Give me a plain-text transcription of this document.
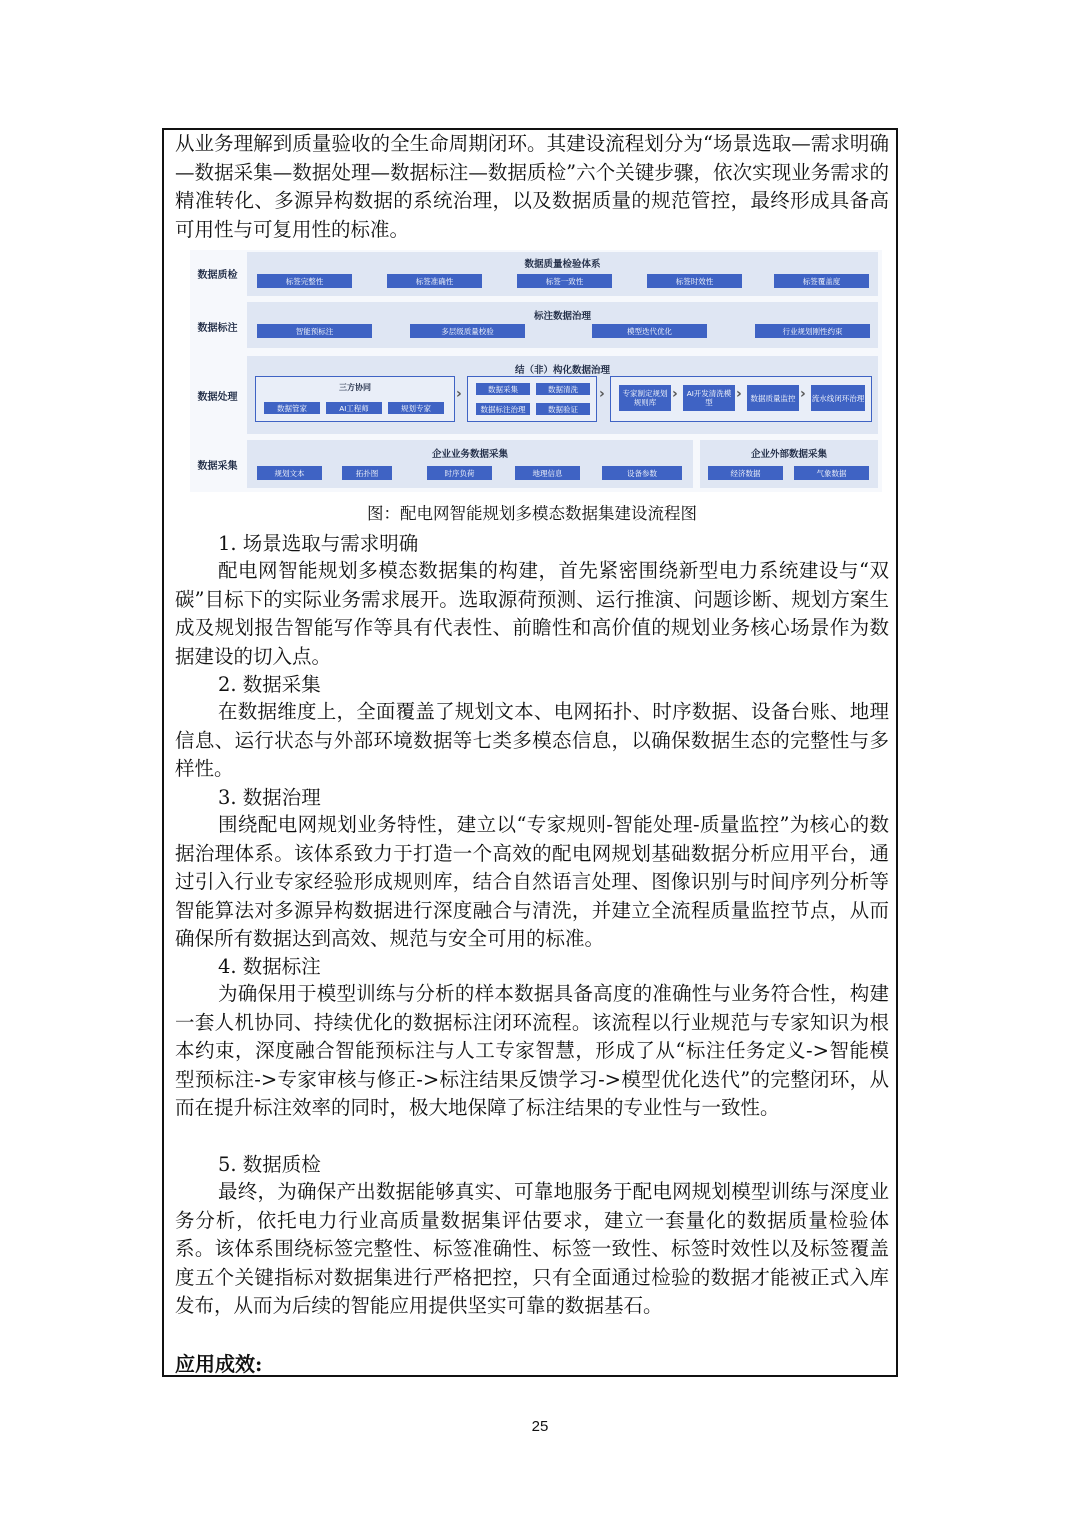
从业务理解到质量验收的全生命周期闭环。其建设流程划分为“场景选取—需求明确—数据采集—数据处理—数据标注—数据质检”六个关键步骤，依次实现业务需求的精准转化、多源异构数据的系统治理，以及数据质量的规范管控，最终形成具备高可用性与可复用性的标准。

数据质检
数据质量检验体系
标签完整性	标签准确性	标签一致性	标签时效性	标签覆盖度
数据标注
标注数据治理
智能预标注	多层级质量校验	模型迭代优化	行业规划刚性约束
数据处理
结（非）构化数据治理
三方协同
数据管家	AI工程师	规划专家
›	数据采集	数据清洗
数据标注治理	数据验证
›	专家制定规划规则库
›	AI开发清洗模型
›	数据质量监控 › 流水线闭环治理
数据采集
企业业务数据采集
规划文本	拓扑图	时序负荷	地理信息	设备参数
企业外部数据采集
经济数据	气象数据
图：配电网智能规划多模态数据集建设流程图
1. 场景选取与需求明确

配电网智能规划多模态数据集的构建，首先紧密围绕新型电力系统建设与“双碳”目标下的实际业务需求展开。选取源荷预测、运行推演、问题诊断、规划方案生成及规划报告智能写作等具有代表性、前瞻性和高价值的规划业务核心场景作为数据建设的切入点。

2. 数据采集

在数据维度上，全面覆盖了规划文本、电网拓扑、时序数据、设备台账、地理信息、运行状态与外部环境数据等七类多模态信息，以确保数据生态的完整性与多样性。

3. 数据治理

围绕配电网规划业务特性，建立以“专家规则-智能处理-质量监控”为核心的数据治理体系。该体系致力于打造一个高效的配电网规划基础数据分析应用平台，通过引入行业专家经验形成规则库，结合自然语言处理、图像识别与时间序列分析等智能算法对多源异构数据进行深度融合与清洗，并建立全流程质量监控节点，从而确保所有数据达到高效、规范与安全可用的标准。

4. 数据标注

为确保用于模型训练与分析的样本数据具备高度的准确性与业务符合性，构建一套人机协同、持续优化的数据标注闭环流程。该流程以行业规范与专家知识为根本约束，深度融合智能预标注与人工专家智慧，形成了从“标注任务定义->智能模型预标注->专家审核与修正->标注结果反馈学习->模型优化迭代”的完整闭环，从而在提升标注效率的同时，极大地保障了标注结果的专业性与一致性。

5. 数据质检

最终，为确保产出数据能够真实、可靠地服务于配电网规划模型训练与深度业务分析，依托电力行业高质量数据集评估要求，建立一套量化的数据质量检验体系。该体系围绕标签完整性、标签准确性、标签一致性、标签时效性以及标签覆盖度五个关键指标对数据集进行严格把控，只有全面通过检验的数据才能被正式入库发布，从而为后续的智能应用提供坚实可靠的数据基石。

应用成效:
25
